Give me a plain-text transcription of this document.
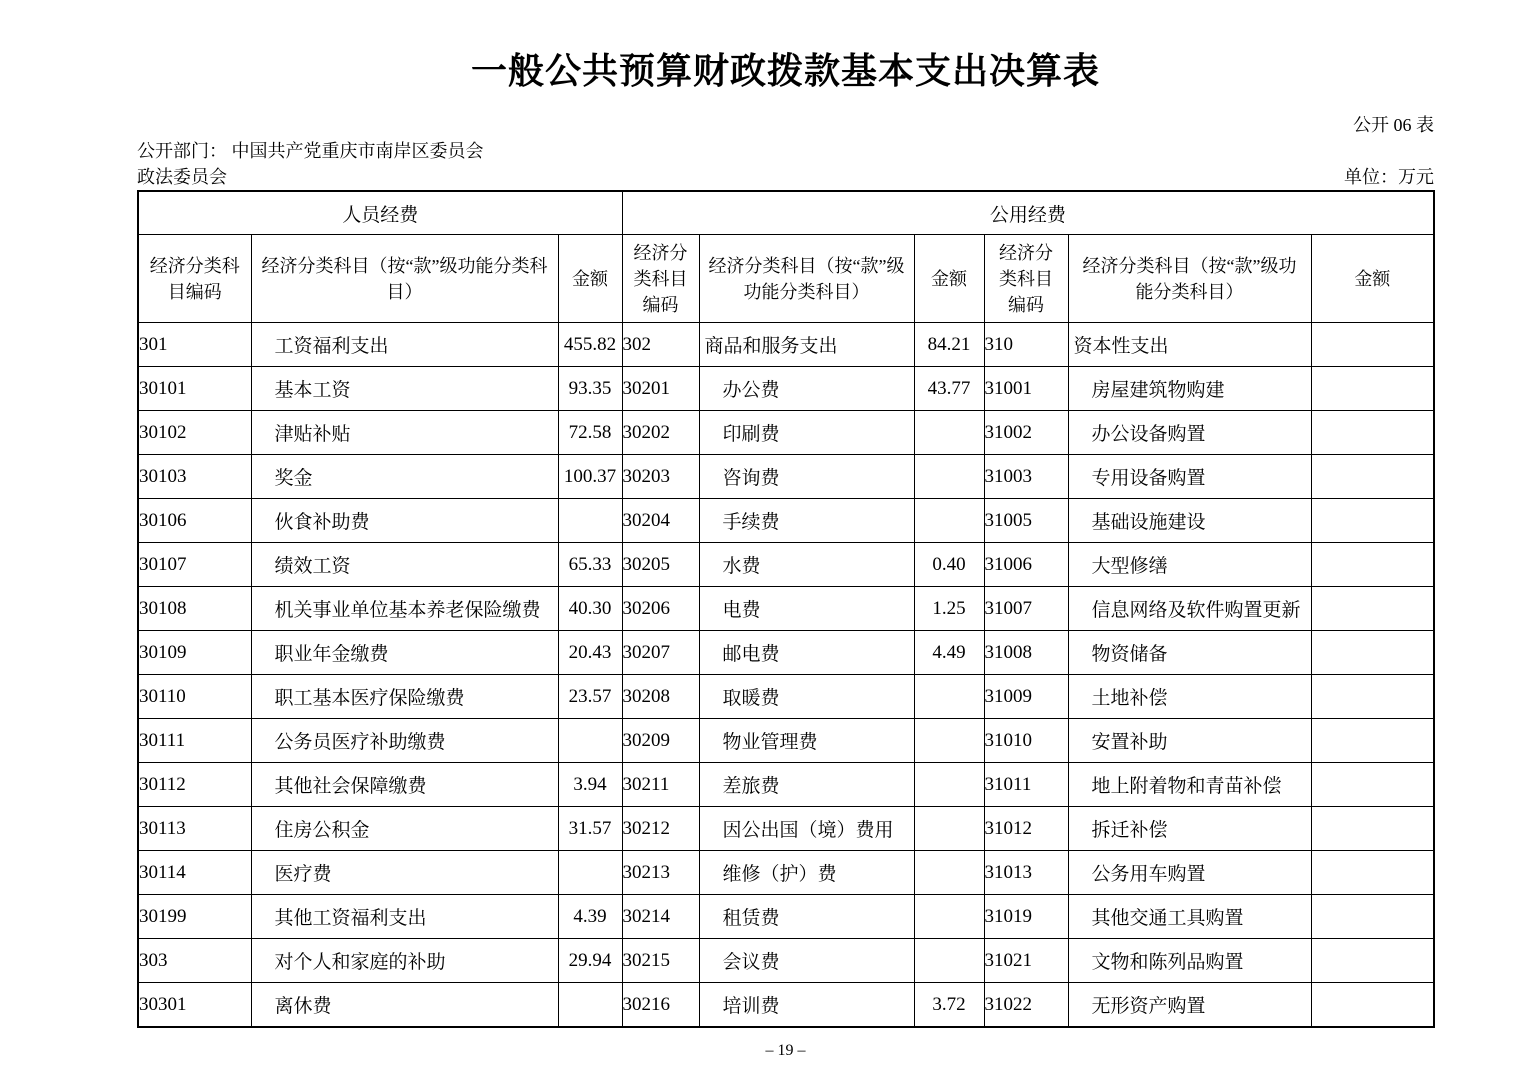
一般公共预算财政拨款基本支出决算表
公开 06 表
公开部门： 中国共产党重庆市南岸区委员会
政法委员会	单位：万元
人员经费			公用经费					
经济分类科目编码	经济分类科目（按“款”级功能分类科目）	金额	经济分类科目编码	经济分类科目（按“款”级功能分类科目）	金额	经济分类科目编码	经济分类科目（按“款”级功能分类科目）	金额
301	工资福利支出	455.82	302	商品和服务支出	84.21	310	资本性支出	
30101	基本工资	93.35	30201	办公费	43.77	31001	房屋建筑物购建	
30102	津贴补贴	72.58	30202	印刷费		31002	办公设备购置	
30103	奖金	100.37	30203	咨询费		31003	专用设备购置	
30106	伙食补助费		30204	手续费		31005	基础设施建设	
30107	绩效工资	65.33	30205	水费	0.40	31006	大型修缮	
30108	机关事业单位基本养老保险缴费	40.30	30206	电费	1.25	31007	信息网络及软件购置更新	
30109	职业年金缴费	20.43	30207	邮电费	4.49	31008	物资储备	
30110	职工基本医疗保险缴费	23.57	30208	取暖费		31009	土地补偿	
30111	公务员医疗补助缴费		30209	物业管理费		31010	安置补助	
30112	其他社会保障缴费	3.94	30211	差旅费		31011	地上附着物和青苗补偿	
30113	住房公积金	31.57	30212	因公出国（境）费用		31012	拆迁补偿	
30114	医疗费		30213	维修（护）费		31013	公务用车购置	
30199	其他工资福利支出	4.39	30214	租赁费		31019	其他交通工具购置	
303	对个人和家庭的补助	29.94	30215	会议费		31021	文物和陈列品购置	
30301	离休费		30216	培训费	3.72	31022	无形资产购置	
– 19 –
